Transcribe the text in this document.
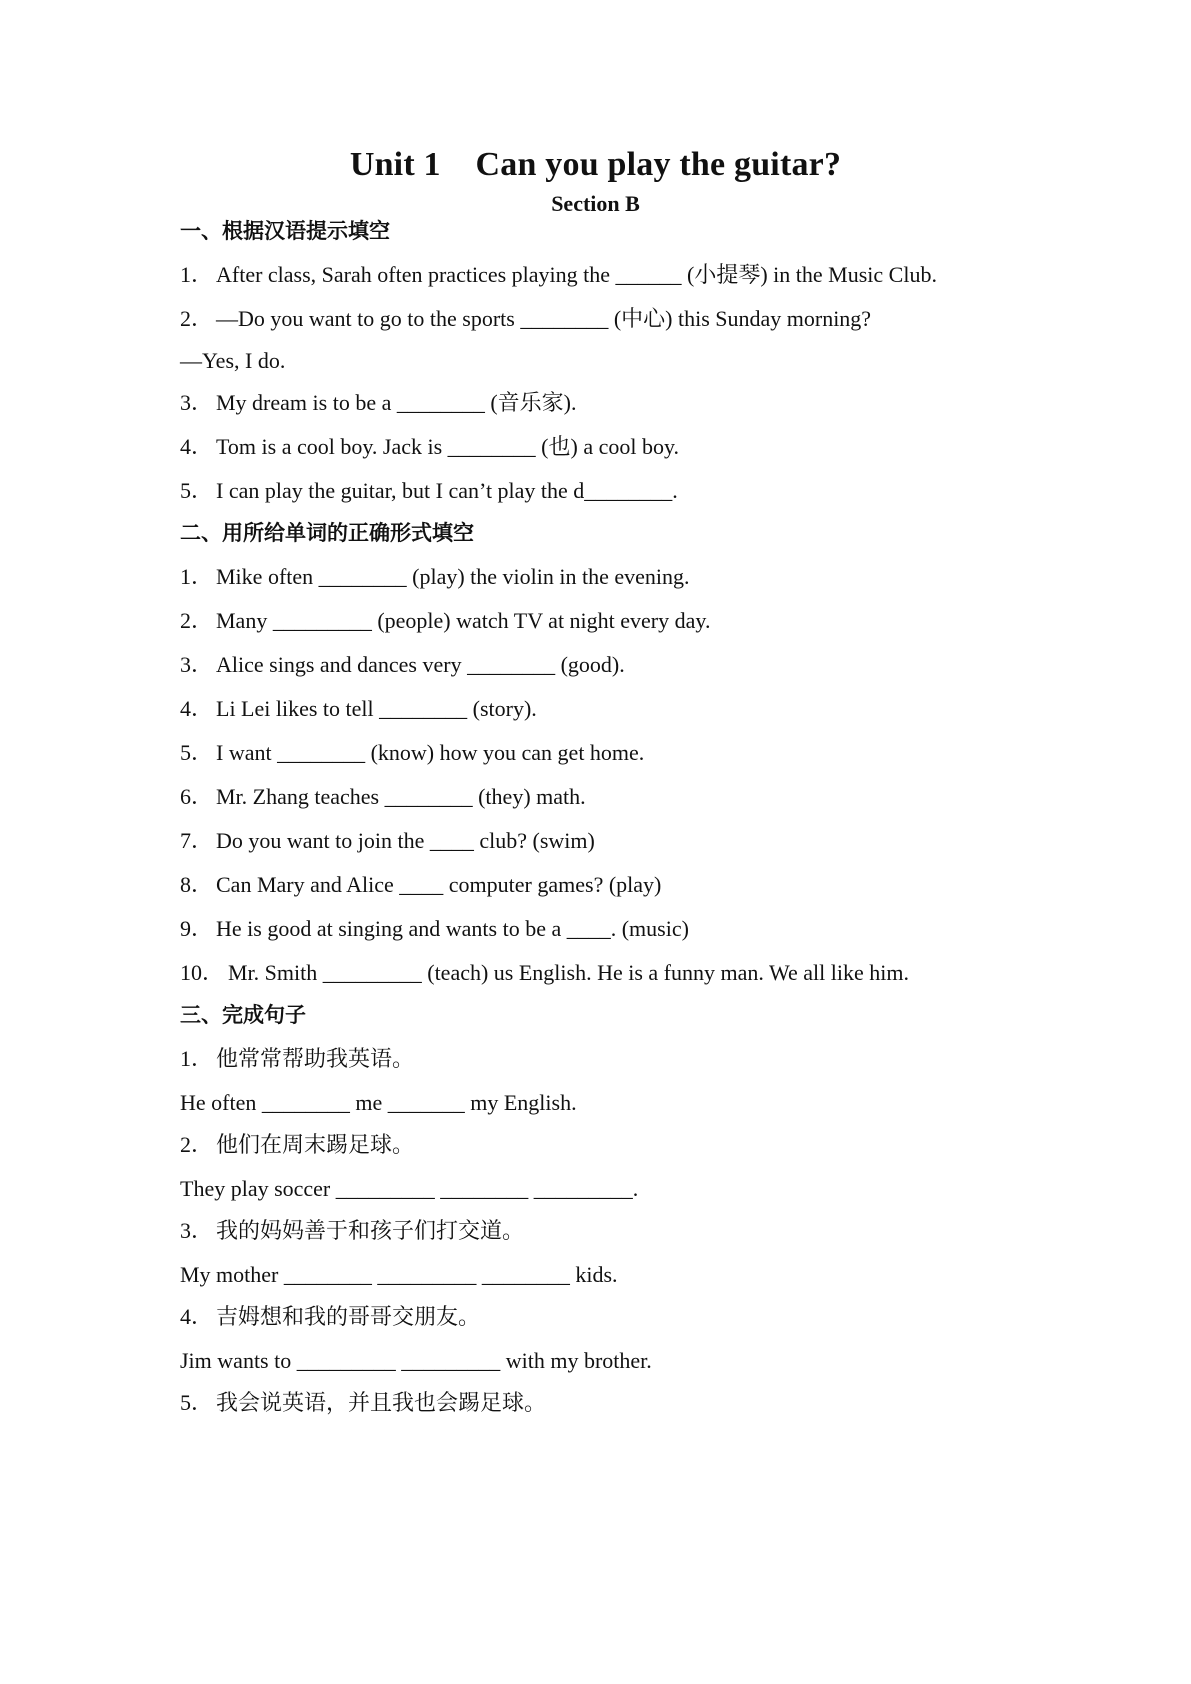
Unit 1    Can you play the guitar?
Section B
一、根据汉语提示填空
1． After class, Sarah often practices playing the ______ (小提琴) in the Music Club.
2． —Do you want to go to the sports ________ (中心) this Sunday morning?
—Yes, I do.
3． My dream is to be a ________ (音乐家).
4． Tom is a cool boy. Jack is ________ (也) a cool boy.
5． I can play the guitar, but I can’t play the d________.
二、用所给单词的正确形式填空
1． Mike often ________ (play) the violin in the evening.
2． Many _________ (people) watch TV at night every day.
3． Alice sings and dances very ________ (good).
4． Li Lei likes to tell ________ (story).
5． I want ________ (know) how you can get home.
6． Mr. Zhang teaches ________ (they) math.
7． Do you want to join the ____ club? (swim)
8． Can Mary and Alice ____ computer games? (play)
9． He is good at singing and wants to be a ____. (music)
10． Mr. Smith _________ (teach) us English. He is a funny man. We all like him.
三、完成句子
1． 他常常帮助我英语。
He often ________ me _______ my English.
2． 他们在周末踢足球。
They play soccer _________ ________ _________.
3． 我的妈妈善于和孩子们打交道。
My mother ________ _________ ________ kids.
4． 吉姆想和我的哥哥交朋友。
Jim wants to _________ _________ with my brother.
5． 我会说英语，并且我也会踢足球。
